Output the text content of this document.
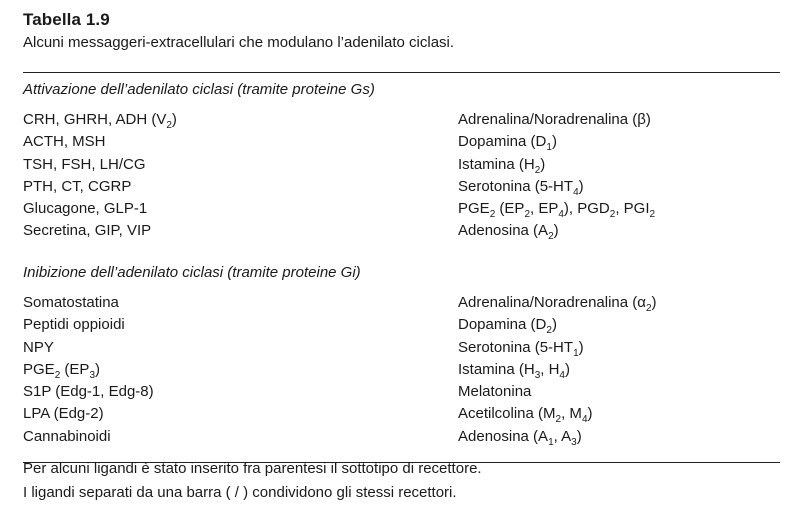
Tabella 1.9
Alcuni messaggeri-extracellulari che modulano l’adenilato ciclasi.
Attivazione dell’adenilato ciclasi (tramite proteine Gs)
CRH, GHRH, ADH $(V_2)$	Adrenalina/Noradrenalina (β)
ACTH, MSH	Dopamina $(D_1)$
TSH, FSH, LH/CG	Istamina $(H_2)$
PTH, CT, CGRP	Serotonina $(5-HT_4)$
Glucagone, GLP-1	$PGE_2$ ($EP_2$, $EP_4$), $PGD_2$, $PGI_2$
Secretina, GIP, VIP	Adenosina $(A_2)$
Inibizione dell’adenilato ciclasi (tramite proteine Gi)
Somatostatina	Adrenalina/Noradrenalina $(\alpha_2)$
Peptidi oppioidi	Dopamina $(D_2)$
NPY	Serotonina $(5-HT_1)$
$PGE_2$ $(EP_3)$	Istamina ($H_3$, $H_4$)
S1P (Edg-1, Edg-8)	Melatonina
LPA (Edg-2)	Acetilcolina ($M_2$, $M_4$)
Cannabinoidi	Adenosina ($A_1$, $A_3$)
Per alcuni ligandi è stato inserito fra parentesi il sottotipo di recettore.
I ligandi separati da una barra ( / ) condividono gli stessi recettori.
